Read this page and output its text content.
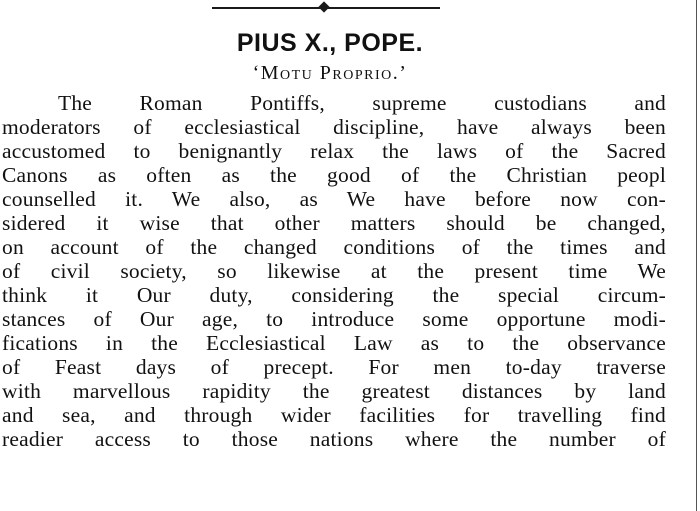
PIUS X., POPE.
‘Motu Proprio.’
The Roman Pontiffs, supreme custodians and
moderators of ecclesiastical discipline, have always been
accustomed to benignantly relax the laws of the Sacred
Canons as often as the good of the Christian peopl
counselled it. We also, as We have before now con-
sidered it wise that other matters should be changed,
on account of the changed conditions of the times and
of civil society, so likewise at the present time We
think it Our duty, considering the special circum-
stances of Our age, to introduce some opportune modi-
fications in the Ecclesiastical Law as to the observance
of Feast days of precept. For men to-day traverse
with marvellous rapidity the greatest distances by land
and sea, and through wider facilities for travelling find
readier access to those nations where the number of
